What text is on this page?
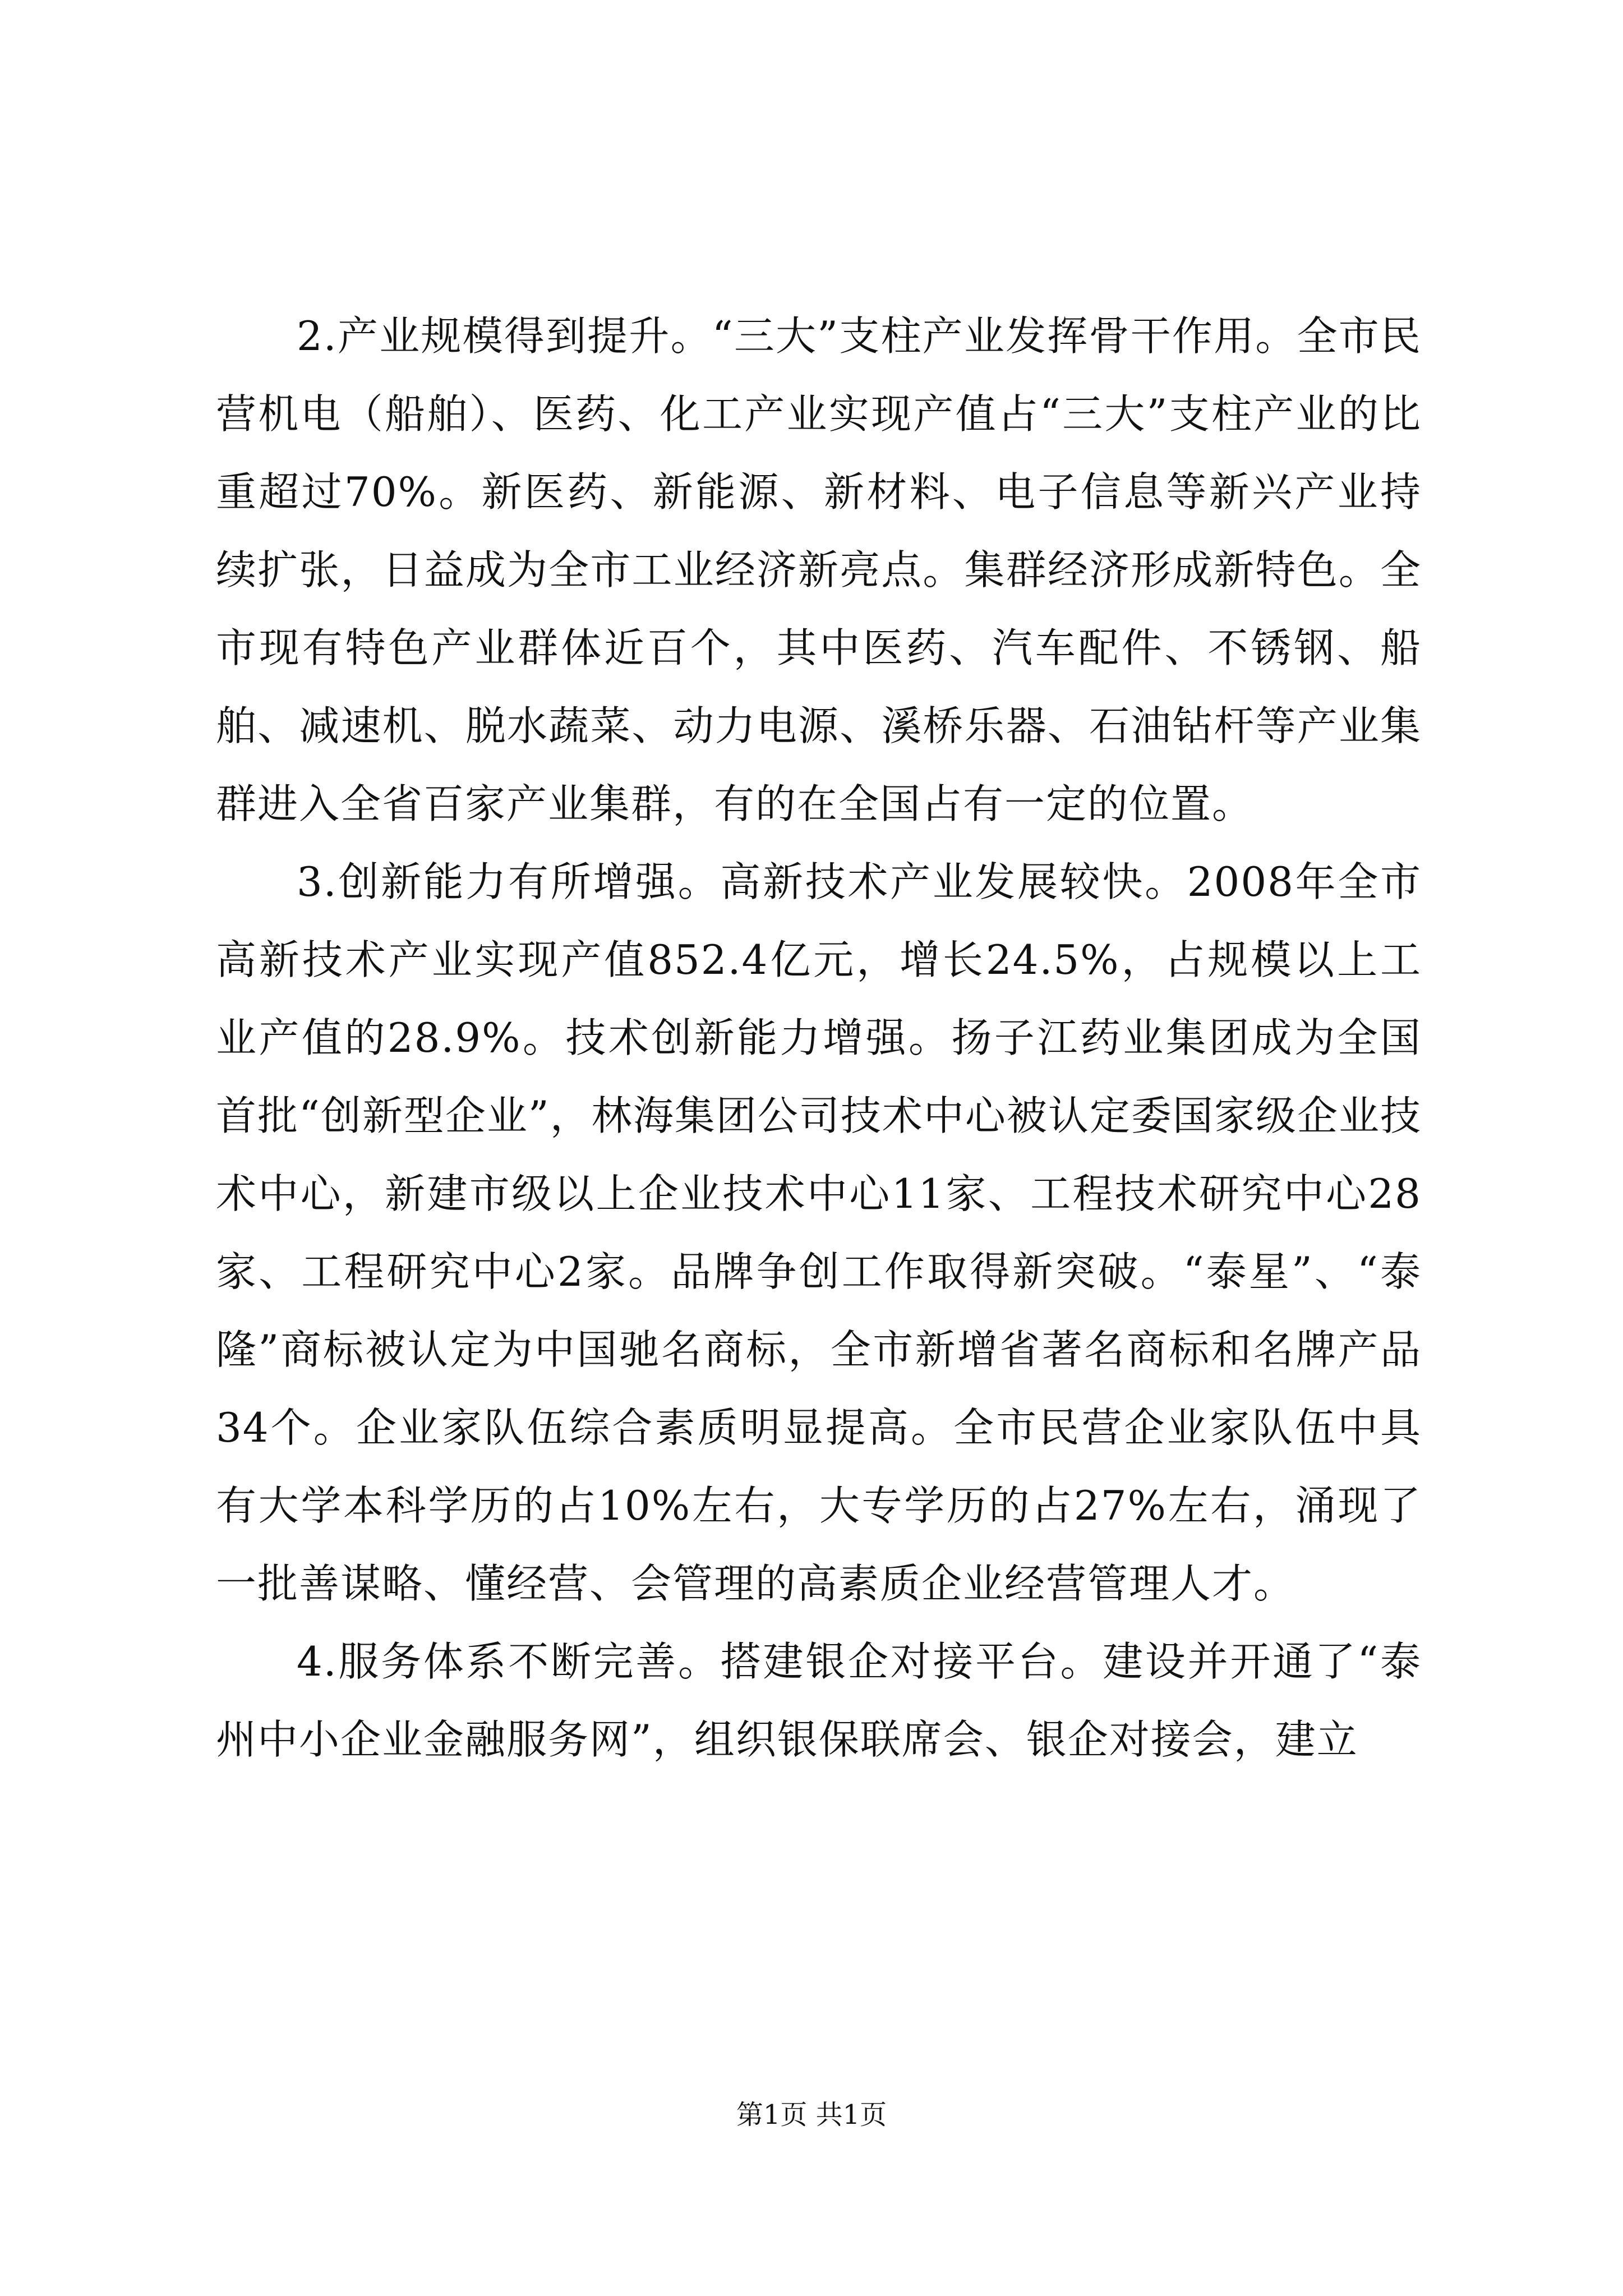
2.产业规模得到提升。“三大”支柱产业发挥骨干作用。全市民营机电（船舶）、医药、化工产业实现产值占“三大”支柱产业的比重超过70%。新医药、新能源、新材料、电子信息等新兴产业持续扩张，日益成为全市工业经济新亮点。集群经济形成新特色。全市现有特色产业群体近百个，其中医药、汽车配件、不锈钢、船舶、减速机、脱水蔬菜、动力电源、溪桥乐器、石油钻杆等产业集群进入全省百家产业集群，有的在全国占有一定的位置。

3.创新能力有所增强。高新技术产业发展较快。2008年全市高新技术产业实现产值852.4亿元，增长24.5%，占规模以上工业产值的28.9%。技术创新能力增强。扬子江药业集团成为全国首批“创新型企业”，林海集团公司技术中心被认定委国家级企业技术中心，新建市级以上企业技术中心11家、工程技术研究中心28家、工程研究中心2家。品牌争创工作取得新突破。“泰星”、“泰隆”商标被认定为中国驰名商标，全市新增省著名商标和名牌产品34个。企业家队伍综合素质明显提高。全市民营企业家队伍中具有大学本科学历的占10%左右，大专学历的占27%左右，涌现了一批善谋略、懂经营、会管理的高素质企业经营管理人才。

4.服务体系不断完善。搭建银企对接平台。建设并开通了“泰州中小企业金融服务网”，组织银保联席会、银企对接会，建立

第1页 共1页
